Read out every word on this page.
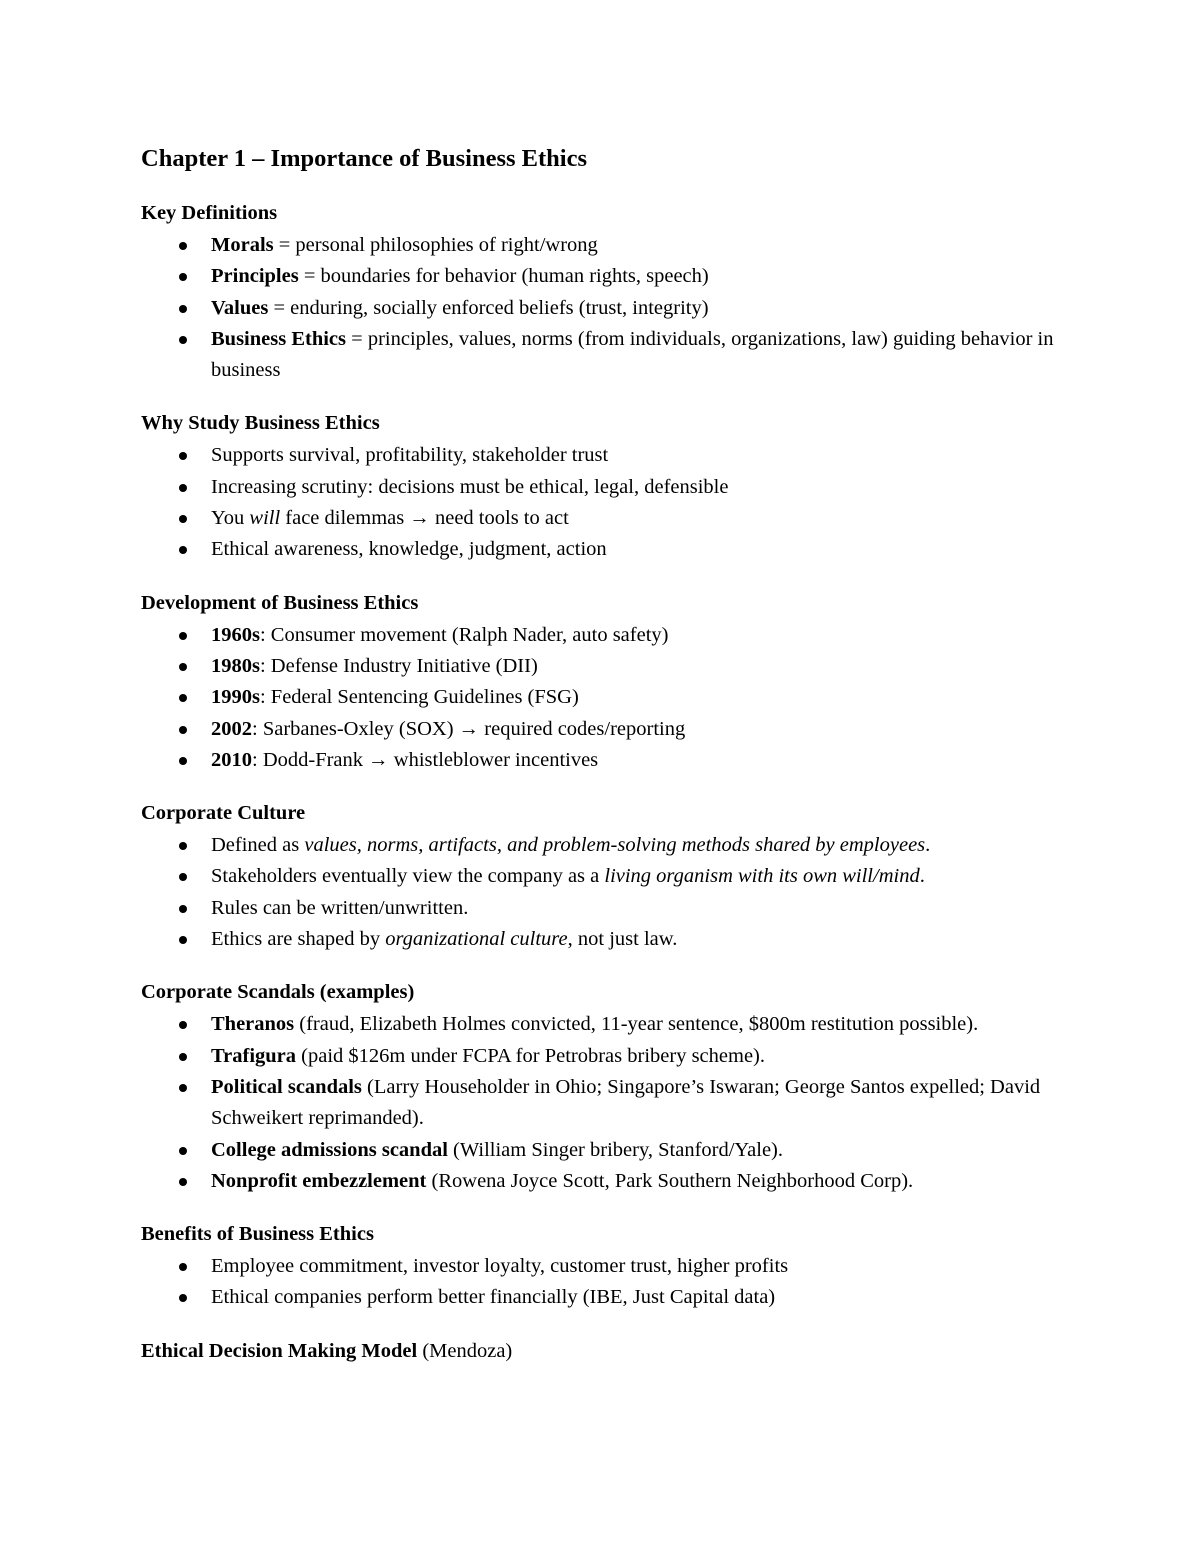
Chapter 1 – Importance of Business Ethics
Key Definitions
Morals = personal philosophies of right/wrong
Principles = boundaries for behavior (human rights, speech)
Values = enduring, socially enforced beliefs (trust, integrity)
Business Ethics = principles, values, norms (from individuals, organizations, law) guiding behavior in business
Why Study Business Ethics
Supports survival, profitability, stakeholder trust
Increasing scrutiny: decisions must be ethical, legal, defensible
You will face dilemmas → need tools to act
Ethical awareness, knowledge, judgment, action
Development of Business Ethics
1960s: Consumer movement (Ralph Nader, auto safety)
1980s: Defense Industry Initiative (DII)
1990s: Federal Sentencing Guidelines (FSG)
2002: Sarbanes-Oxley (SOX) → required codes/reporting
2010: Dodd-Frank → whistleblower incentives
Corporate Culture
Defined as values, norms, artifacts, and problem-solving methods shared by employees.
Stakeholders eventually view the company as a living organism with its own will/mind.
Rules can be written/unwritten.
Ethics are shaped by organizational culture, not just law.
Corporate Scandals (examples)
Theranos (fraud, Elizabeth Holmes convicted, 11-year sentence, $800m restitution possible).
Trafigura (paid $126m under FCPA for Petrobras bribery scheme).
Political scandals (Larry Householder in Ohio; Singapore’s Iswaran; George Santos expelled; David Schweikert reprimanded).
College admissions scandal (William Singer bribery, Stanford/Yale).
Nonprofit embezzlement (Rowena Joyce Scott, Park Southern Neighborhood Corp).
Benefits of Business Ethics
Employee commitment, investor loyalty, customer trust, higher profits
Ethical companies perform better financially (IBE, Just Capital data)
Ethical Decision Making Model (Mendoza)
